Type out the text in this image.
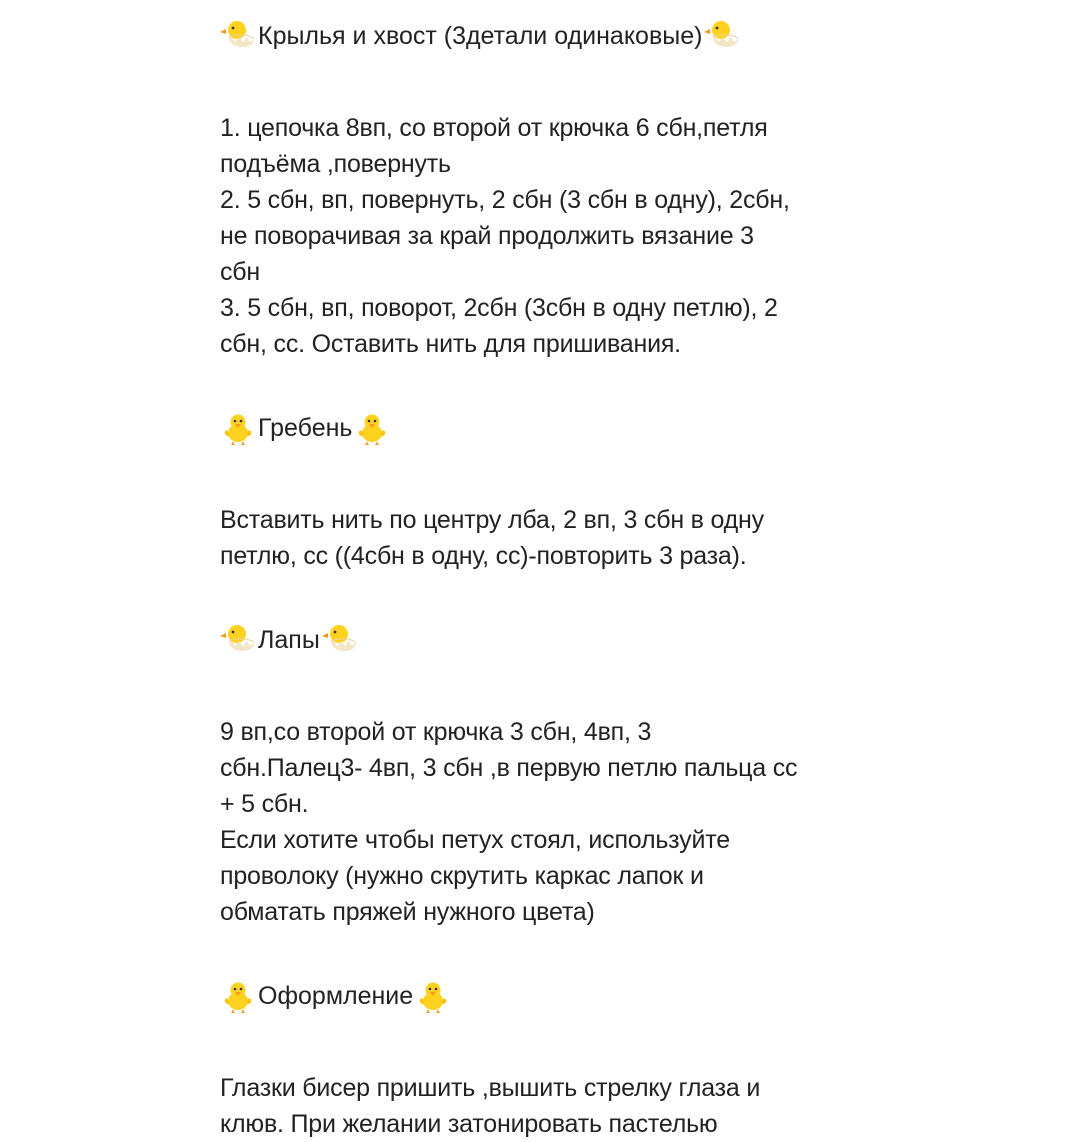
Крылья и хвост (3детали одинаковые)
1. цепочка 8вп, со второй от крючка 6 сбн,петля
подъёма ,повернуть
2. 5 сбн, вп, повернуть, 2 сбн (3 сбн в одну), 2сбн,
не поворачивая за край продолжить вязание 3
сбн
3. 5 сбн, вп, поворот, 2сбн (3сбн в одну петлю), 2
сбн, сс. Оставить нить для пришивания.
Гребень
Вставить нить по центру лба, 2 вп, 3 сбн в одну
петлю, сс ((4сбн в одну, сс)-повторить 3 раза).
Лапы
9 вп,со второй от крючка 3 сбн, 4вп, 3
сбн.Палец3- 4вп, 3 сбн ,в первую петлю пальца сс
+ 5 сбн.
Если хотите чтобы петух стоял, используйте
проволоку (нужно скрутить каркас лапок и
обматать пряжей нужного цвета)
Оформление
Глазки бисер пришить ,вышить стрелку глаза и
клюв. При желании затонировать пастелью
